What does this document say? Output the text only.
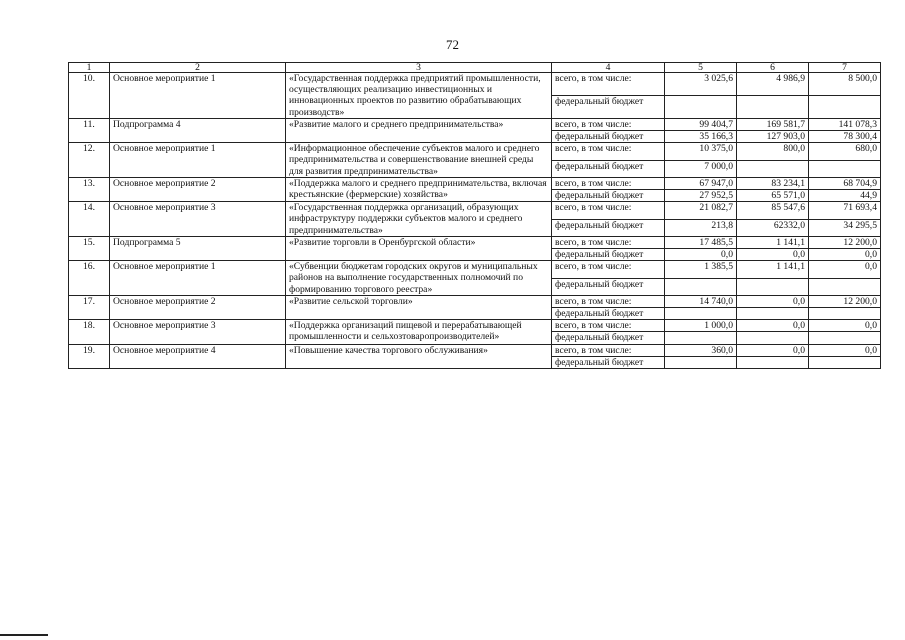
72
1	2	3	4	5	6	7
10.	Основное мероприятие 1	«Государственная поддержка предприятий промышленности, осуществляющих реализацию инвестиционных и инновационных проектов по развитию обрабатывающих производств»	всего, в том числе:	3 025,6	4 986,9	8 500,0
			федеральный бюджет			
11.	Подпрограмма 4	«Развитие малого и среднего предпринимательства»	всего, в том числе:	99 404,7	169 581,7	141 078,3
			федеральный бюджет	35 166,3	127 903,0	78 300,4
12.	Основное мероприятие 1	«Информационное обеспечение субъектов малого и среднего предпринимательства и совершенствование внешней среды для развития предпринимательства»	всего, в том числе:	10 375,0	800,0	680,0
			федеральный бюджет	7 000,0		
13.	Основное мероприятие 2	«Поддержка малого и среднего предпринимательства, включая крестьянские (фермерские) хозяйства»	всего, в том числе:	67 947,0	83 234,1	68 704,9
			федеральный бюджет	27 952,5	65 571,0	44,9
14.	Основное мероприятие 3	«Государственная поддержка организаций, образующих инфраструктуру поддержки субъектов малого и среднего предпринимательства»	всего, в том числе:	21 082,7	85 547,6	71 693,4
			федеральный бюджет	213,8	62332,0	34 295,5
15.	Подпрограмма 5	«Развитие торговли в Оренбургской области»	всего, в том числе:	17 485,5	1 141,1	12 200,0
			федеральный бюджет	0,0	0,0	0,0
16.	Основное мероприятие 1	«Субвенции бюджетам городских округов и муниципальных районов на выполнение государственных полномочий по формированию торгового реестра»	всего, в том числе:	1 385,5	1 141,1	0,0
			федеральный бюджет			
17.	Основное мероприятие 2	«Развитие сельской торговли»	всего, в том числе:	14 740,0	0,0	12 200,0
			федеральный бюджет			
18.	Основное мероприятие 3	«Поддержка организаций пищевой и перерабатывающей промышленности и сельхозтоваропроизводителей»	всего, в том числе:	1 000,0	0,0	0,0
			федеральный бюджет			
19.	Основное мероприятие 4	«Повышение качества торгового обслуживания»	всего, в том числе:	360,0	0,0	0,0
			федеральный бюджет			
